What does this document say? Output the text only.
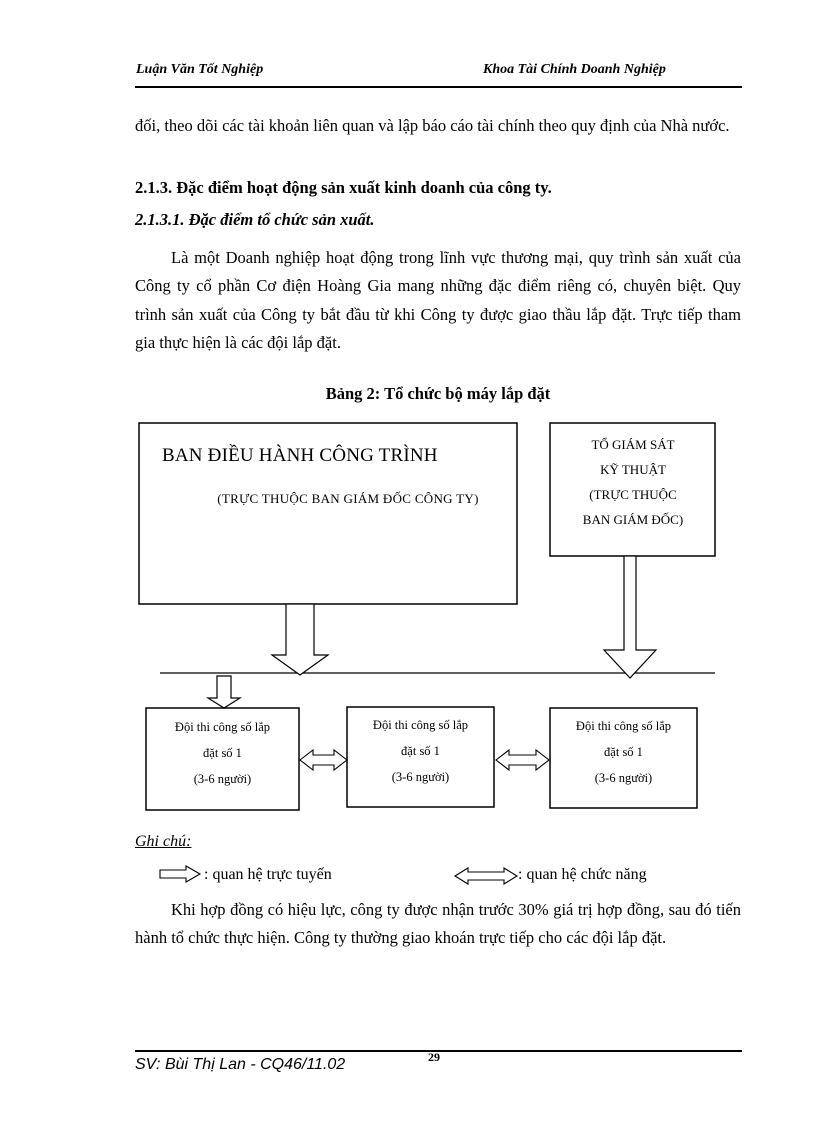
Luận Văn Tốt Nghiệp	Khoa Tài Chính Doanh Nghiệp

đối, theo dõi các tài khoản liên quan và lập báo cáo tài chính theo quy định của Nhà nước.

2.1.3. Đặc điểm hoạt động sản xuất kinh doanh của công ty.
2.1.3.1. Đặc điểm tổ chức sản xuất.

Là một Doanh nghiệp hoạt động trong lĩnh vực thương mại, quy trình sản xuất của Công ty cổ phần Cơ điện Hoàng Gia mang những đặc điểm riêng có, chuyên biệt. Quy trình sản xuất của Công ty bắt đầu từ khi Công ty được giao thầu lắp đặt. Trực tiếp tham gia thực hiện là các đội lắp đặt.

Bảng 2: Tổ chức bộ máy lắp đặt
BAN ĐIỀU HÀNH CÔNG TRÌNH
(TRỰC THUỘC BAN GIÁM ĐỐC CÔNG TY)
TỔ GIÁM SÁT
KỸ THUẬT
(TRỰC THUỘC
BAN GIÁM ĐỐC)
Đội thi công số lắp
đặt số 1
(3-6 người)
Đội thi công số lắp
đặt số 1
(3-6 người)
Đội thi công số lắp
đặt số 1
(3-6 người)
Ghi chú:
: quan hệ trực tuyến	: quan hệ chức năng

Khi hợp đồng có hiệu lực, công ty được nhận trước 30% giá trị hợp đồng, sau đó tiến hành tổ chức thực hiện. Công ty thường giao khoán trực tiếp cho các đội lắp đặt.

SV: Bùi Thị Lan - CQ46/11.02	29
